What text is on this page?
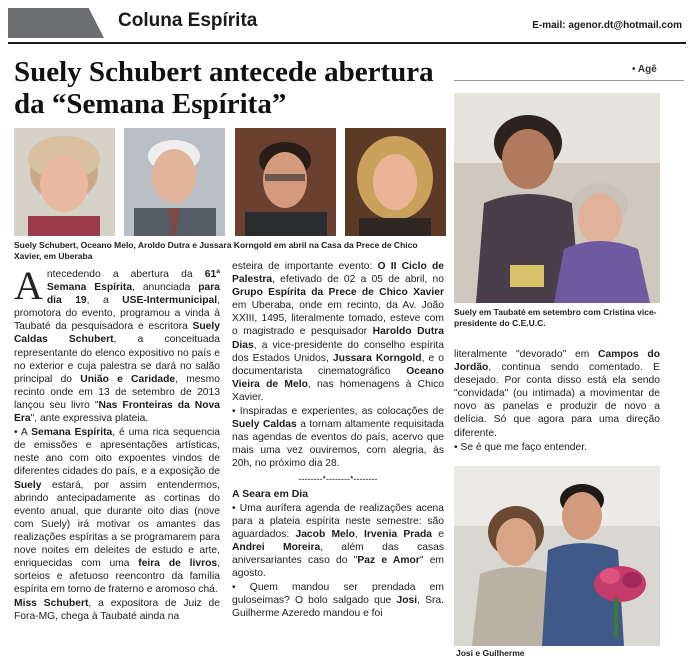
Coluna Espírita	E-mail: agenor.dt@hotmail.com
Suely Schubert antecede abertura da “Semana Espírita”
• Agê
Suely Schubert, Oceano Melo, Aroldo Dutra e Jussara Korngold em abril na Casa da Prece de Chico Xavier, em Uberaba

Antecedendo a abertura da 61ª Semana Espírita, anunciada para dia 19, a USE-Intermunicipal, promotora do evento, programou a vinda à Taubaté da pesquisadora e escritora Suely Caldas Schubert, a conceituada representante do elenco expositivo no país e no exterior e cuja palestra se dará no salão principal do União e Caridade, mesmo recinto onde em 13 de setembro de 2013 lançou seu livro "Nas Fronteiras da Nova Era", ante expressiva plateia.

• A Semana Espírita, é uma rica sequencia de emissões e apresentações artísticas, neste ano com oito expoentes vindos de diferentes cidades do país, e a exposição de Suely estará, por assim entendermos, abrindo antecipadamente as cortinas do evento anual, que durante oito dias (nove com Suely) irá motivar os amantes das realizações espíritas a se programarem para nove noites em deleites de estudo e arte, enriquecidas com uma feira de livros, sorteios e afetuoso reencontro da família espírita em torno de fraterno e aromoso chá.

Miss Schubert, a expositora de Juiz de Fora-MG, chega à Taubaté ainda na

esteira de importante evento: O II Ciclo de Palestra, efetivado de 02 a 05 de abril, no Grupo Espírita da Prece de Chico Xavier em Uberaba, onde em recinto, da Av. João XXIII, 1495, literalmente tomado, esteve com o magistrado e pesquisador Haroldo Dutra Dias, a vice-presidente do conselho espírita dos Estados Unidos, Jussara Korngold, e o documentarista cinematográfico Oceano Vieira de Melo, nas homenagens à Chico Xavier.

• Inspiradas e experientes, as colocações de Suely Caldas a tornam altamente requisitada nas agendas de eventos do país, acervo que mais uma vez ouviremos, com alegria, às 20h, no próximo dia 28.

--------*--------*--------
A Seara em Dia

• Uma aurífera agenda de realizações acena para a plateia espírita neste semestre: são aguardados: Jacob Melo, Irvenia Prada e Andrei Moreira, além das casas aniversariantes caso do "Paz e Amor" em agosto.

• Quem mandou ser prendada em guloseimas? O bolo salgado que Josi, Sra. Guilherme Azeredo mandou e foi

Suely em Taubaté em setembro com Cristina vice-presidente do C.E.U.C.

literalmente "devorado" em Campos do Jordão, continua sendo comentado. E desejado. Por conta disso está ela sendo "convidada" (ou intimada) a movimentar de novo as panelas e produzir de novo a delícia. Só que agora para uma direção diferente.

• Se é que me faço entender.

Josi e Guilherme
